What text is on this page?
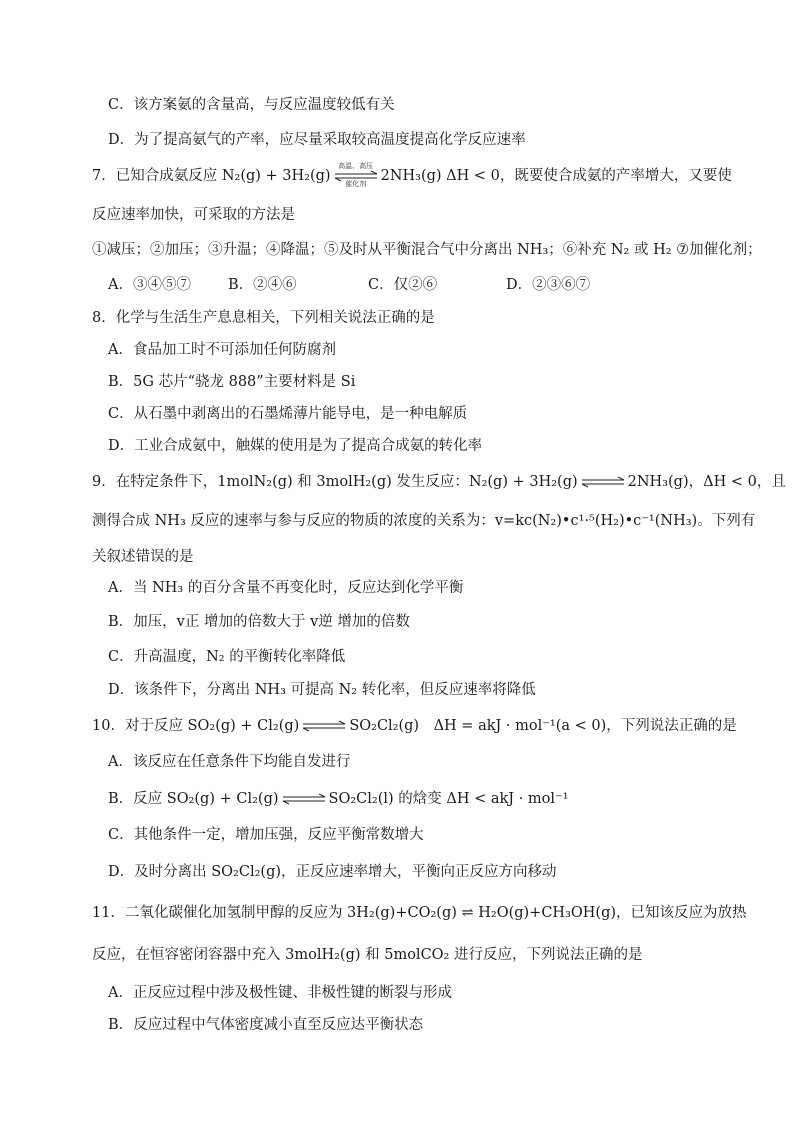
C．该方案氨的含量高，与反应温度较低有关
D．为了提高氨气的产率，应尽量采取较高温度提高化学反应速率
7．已知合成氨反应 N₂(g) + 3H₂(g)
高温、高压
催化剂	2NH₃(g) ΔH < 0，既要使合成氨的产率增大，又要使
反应速率加快，可采取的方法是
①减压；②加压；③升温；④降温；⑤及时从平衡混合气中分离出 NH₃；⑥补充 N₂ 或 H₂ ⑦加催化剂；
A．③④⑤⑦	B．②④⑥	C．仅②⑥	D．②③⑥⑦
8．化学与生活生产息息相关，下列相关说法正确的是
A．食品加工时不可添加任何防腐剂
B．5G 芯片“骁龙 888”主要材料是 Si
C．从石墨中剥离出的石墨烯薄片能导电，是一种电解质
D．工业合成氨中，触媒的使用是为了提高合成氨的转化率
9．在特定条件下，1molN₂(g) 和 3molH₂(g) 发生反应：N₂(g) + 3H₂(g) ⇌ 2NH₃(g)，ΔH < 0，且
测得合成 NH₃ 反应的速率与参与反应的物质的浓度的关系为：v=kc(N₂)•c¹·⁵(H₂)•c⁻¹(NH₃)。下列有
关叙述错误的是
A．当 NH₃ 的百分含量不再变化时，反应达到化学平衡
B．加压，v正 增加的倍数大于 v逆 增加的倍数
C．升高温度，N₂ 的平衡转化率降低
D．该条件下，分离出 NH₃ 可提高 N₂ 转化率，但反应速率将降低
10．对于反应 SO₂(g) + Cl₂(g) ⇌ SO₂Cl₂(g)　ΔH = akJ · mol⁻¹(a < 0)，下列说法正确的是
A．该反应在任意条件下均能自发进行
B．反应 SO₂(g) + Cl₂(g) ⇌ SO₂Cl₂(l) 的焓变 ΔH < akJ · mol⁻¹
C．其他条件一定，增加压强，反应平衡常数增大
D．及时分离出 SO₂Cl₂(g)，正反应速率增大，平衡向正反应方向移动
11．二氧化碳催化加氢制甲醇的反应为 3H₂(g)+CO₂(g) ⇌ H₂O(g)+CH₃OH(g)，已知该反应为放热
反应，在恒容密闭容器中充入 3molH₂(g) 和 5molCO₂ 进行反应，下列说法正确的是
A．正反应过程中涉及极性键、非极性键的断裂与形成
B．反应过程中气体密度减小直至反应达平衡状态
